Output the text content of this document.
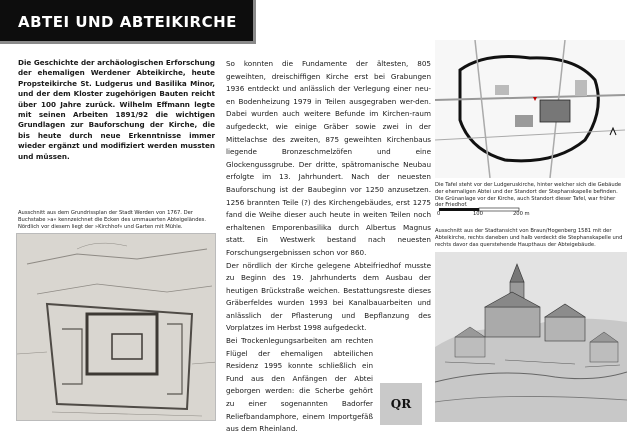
ABTEI UND ABTEIKIRCHE
Die Geschichte der archäologischen Erforschung der ehemaligen Werdener Abteikirche, heute Propsteikirche St. Ludgerus und Basilika Minor, und der dem Kloster zugehörigen Bauten reicht über 100 Jahre zurück. Wilhelm Effmann legte mit seinen Arbeiten 1891/92 die wichtigen Grundlagen zur Bauforschung der Kirche, die bis heute durch neue Erkenntnisse immer wieder ergänzt und modifiziert werden mussten und müssen.
Ausschnitt aus dem Grundrissplan der Stadt Werden von 1767. Der Buchstabe »a« kennzeichnet die Ecken des ummauerten Abteigeländes. Nördlich vor diesem liegt der »Kirchhof« und Garten mit Mühle.

So konnten die Fundamente der ältesten, 805 geweihten, dreischiffigen Kirche erst bei Grabungen 1936 entdeckt und anlässlich der Verlegung einer neu-en Bodenheizung 1979 in Teilen ausgegraben wer-den. Dabei wurden auch weitere Befunde im Kirchen-raum aufgedeckt, wie einige Gräber sowie zwei in der Mittelachse des zweiten, 875 geweihten Kirchenbaus liegende Bronzeschmelzöfen und eine Glockengussgrube. Der dritte, spätromanische Neubau erfolgte im 13. Jahrhundert. Nach der neuesten Bauforschung ist der Baubeginn vor 1250 anzusetzen. 1256 brannten Teile (?) des Kirchengebäudes, erst 1275 fand die Weihe dieser auch heute in weiten Teilen noch erhaltenen Emporenbasilika durch Albertus Magnus statt. Ein Westwerk bestand nach neuesten Forschungsergebnissen schon vor 860.

Der nördlich der Kirche gelegene Abteifriedhof musste zu Beginn des 19. Jahrhunderts dem Ausbau der heutigen Brückstraße weichen. Bestattungsreste dieses Gräberfeldes wurden 1993 bei Kanalbauarbeiten und anlässlich der Pflasterung und Bepflanzung des Vorplatzes im Herbst 1998 aufgedeckt.

Bei Trockenlegungsarbeiten am rechten Flügel der ehemaligen abteilichen Residenz 1995 konnte schließlich ein Fund aus den Anfängen der Abtei geborgen werden: die Scherbe gehört zu einer sogenannten Badorfer Reliefbandamphore, einem Importgefäß aus dem Rheinland.

QR
Die Tafel steht vor der Ludgeruskirche, hinter welcher sich die Gebäude der ehemaligen Abtei und der Standort der Stephanskapelle befinden. Die Grünanlage vor der Kirche, auch Standort dieser Tafel, war früher der Friedhof.
0	100	200 m
Ausschnitt aus der Stadtansicht von Braun/Hogenberg 1581 mit der Abteikirche, rechts daneben und halb verdeckt die Stephanskapelle und rechts davor das querstehende Haupthaus der Abteigebäude.
